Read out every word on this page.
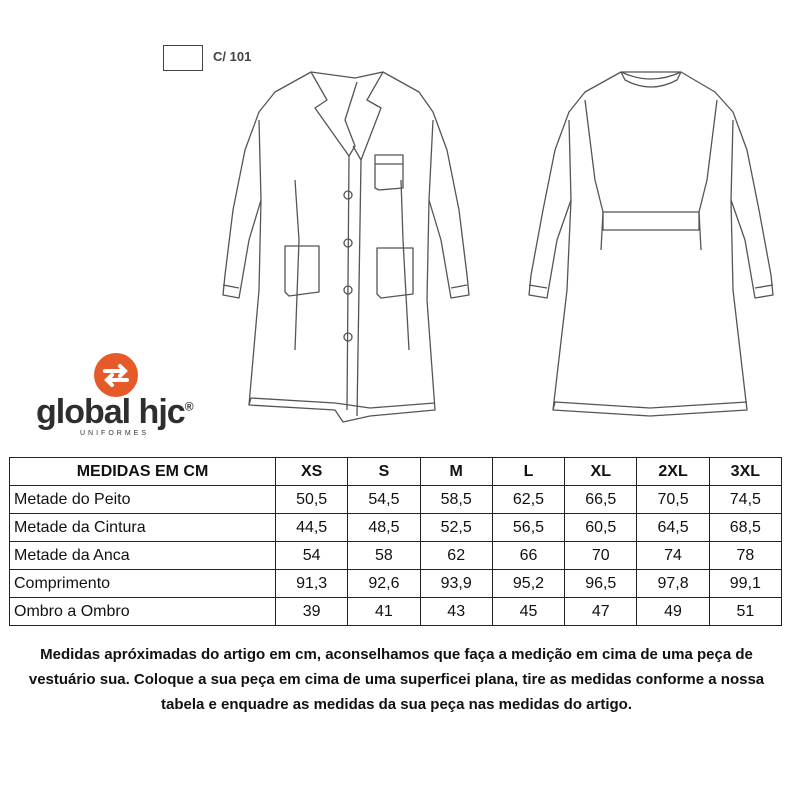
C/ 101
global hjc®
UNIFORMES
MEDIDAS EM CM	XS	S	M	L	XL	2XL	3XL
Metade do Peito	50,5	54,5	58,5	62,5	66,5	70,5	74,5
Metade da Cintura	44,5	48,5	52,5	56,5	60,5	64,5	68,5
Metade da Anca	54	58	62	66	70	74	78
Comprimento	91,3	92,6	93,9	95,2	96,5	97,8	99,1
Ombro a Ombro	39	41	43	45	47	49	51
Medidas apróximadas do artigo em cm, aconselhamos que faça a medição em cima de uma peça de vestuário sua. Coloque a sua peça em cima de uma superficei plana, tire as medidas conforme a nossa tabela e enquadre as medidas da sua peça nas medidas do artigo.
